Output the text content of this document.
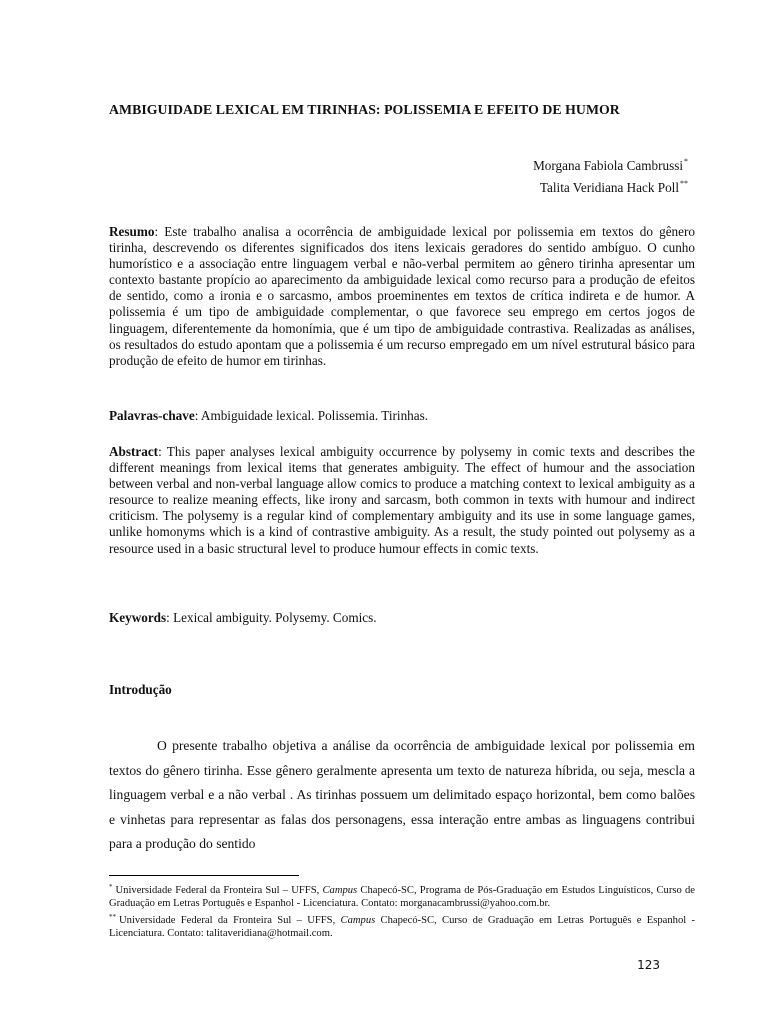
AMBIGUIDADE LEXICAL EM TIRINHAS: POLISSEMIA E EFEITO DE HUMOR
Morgana Fabiola Cambrussi*
Talita Veridiana Hack Poll**
Resumo: Este trabalho analisa a ocorrência de ambiguidade lexical por polissemia em textos do gênero tirinha, descrevendo os diferentes significados dos itens lexicais geradores do sentido ambíguo. O cunho humorístico e a associação entre linguagem verbal e não-verbal permitem ao gênero tirinha apresentar um contexto bastante propício ao aparecimento da ambiguidade lexical como recurso para a produção de efeitos de sentido, como a ironia e o sarcasmo, ambos proeminentes em textos de crítica indireta e de humor. A polissemia é um tipo de ambiguidade complementar, o que favorece seu emprego em certos jogos de linguagem, diferentemente da homonímia, que é um tipo de ambiguidade contrastiva. Realizadas as análises, os resultados do estudo apontam que a polissemia é um recurso empregado em um nível estrutural básico para produção de efeito de humor em tirinhas.
Palavras-chave: Ambiguidade lexical. Polissemia. Tirinhas.
Abstract: This paper analyses lexical ambiguity occurrence by polysemy in comic texts and describes the different meanings from lexical items that generates ambiguity. The effect of humour and the association between verbal and non-verbal language allow comics to produce a matching context to lexical ambiguity as a resource to realize meaning effects, like irony and sarcasm, both common in texts with humour and indirect criticism. The polysemy is a regular kind of complementary ambiguity and its use in some language games, unlike homonyms which is a kind of contrastive ambiguity. As a result, the study pointed out polysemy as a resource used in a basic structural level to produce humour effects in comic texts.
Keywords: Lexical ambiguity. Polysemy. Comics.
Introdução
O presente trabalho objetiva a análise da ocorrência de ambiguidade lexical por polissemia em textos do gênero tirinha. Esse gênero geralmente apresenta um texto de natureza híbrida, ou seja, mescla a linguagem verbal e a não verbal . As tirinhas possuem um delimitado espaço horizontal, bem como balões e vinhetas para representar as falas dos personagens, essa interação entre ambas as linguagens contribui para a produção do sentido

* Universidade Federal da Fronteira Sul – UFFS, Campus Chapecó-SC, Programa de Pós-Graduação em Estudos Linguísticos, Curso de Graduação em Letras Português e Espanhol - Licenciatura. Contato: morganacambrussi@yahoo.com.br.

** Universidade Federal da Fronteira Sul – UFFS, Campus Chapecó-SC, Curso de Graduação em Letras Português e Espanhol - Licenciatura. Contato: talitaveridiana@hotmail.com.

123
